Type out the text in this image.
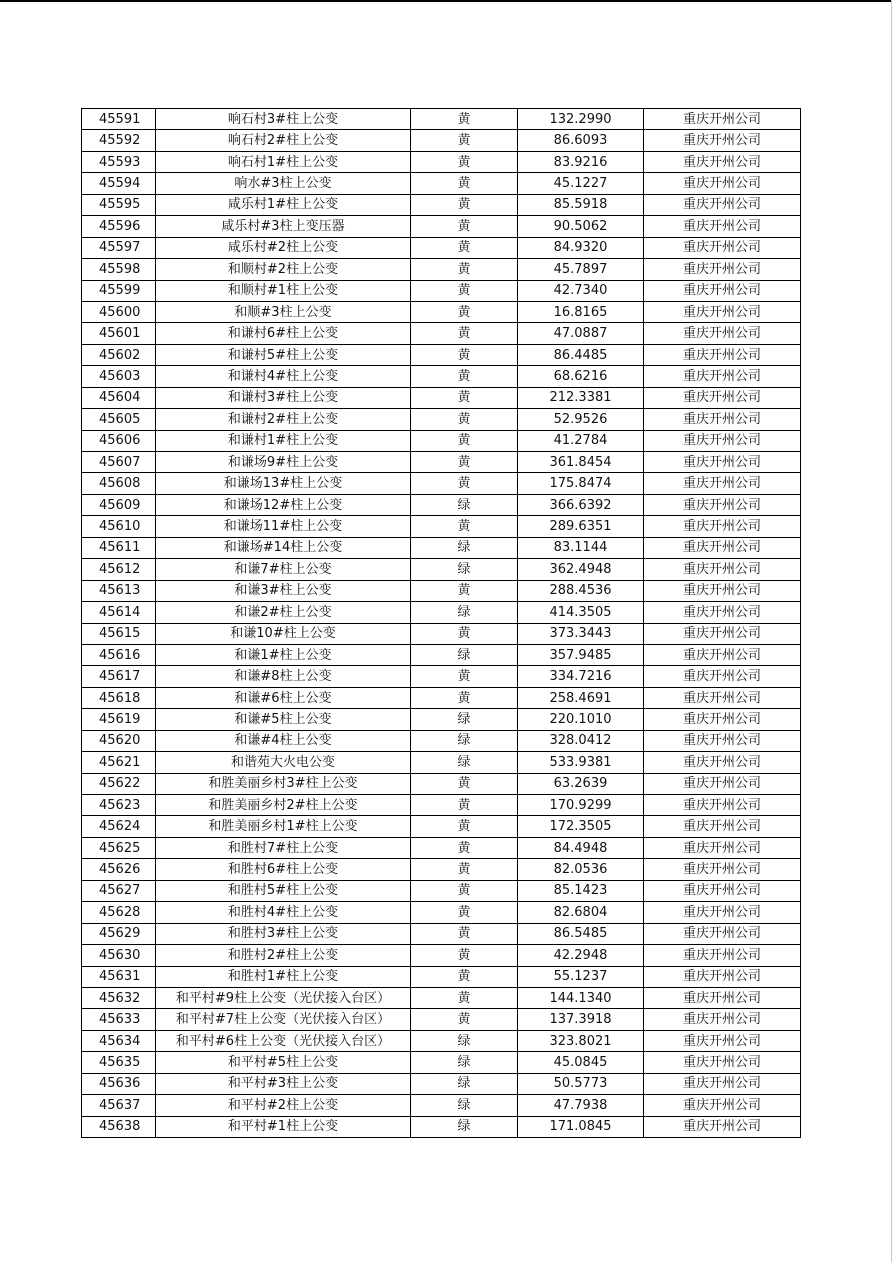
45591	响石村3#柱上公变	黄	132.2990	重庆开州公司
45592	响石村2#柱上公变	黄	86.6093	重庆开州公司
45593	响石村1#柱上公变	黄	83.9216	重庆开州公司
45594	响水#3柱上公变	黄	45.1227	重庆开州公司
45595	咸乐村1#柱上公变	黄	85.5918	重庆开州公司
45596	咸乐村#3柱上变压器	黄	90.5062	重庆开州公司
45597	咸乐村#2柱上公变	黄	84.9320	重庆开州公司
45598	和顺村#2柱上公变	黄	45.7897	重庆开州公司
45599	和顺村#1柱上公变	黄	42.7340	重庆开州公司
45600	和顺#3柱上公变	黄	16.8165	重庆开州公司
45601	和谦村6#柱上公变	黄	47.0887	重庆开州公司
45602	和谦村5#柱上公变	黄	86.4485	重庆开州公司
45603	和谦村4#柱上公变	黄	68.6216	重庆开州公司
45604	和谦村3#柱上公变	黄	212.3381	重庆开州公司
45605	和谦村2#柱上公变	黄	52.9526	重庆开州公司
45606	和谦村1#柱上公变	黄	41.2784	重庆开州公司
45607	和谦场9#柱上公变	黄	361.8454	重庆开州公司
45608	和谦场13#柱上公变	黄	175.8474	重庆开州公司
45609	和谦场12#柱上公变	绿	366.6392	重庆开州公司
45610	和谦场11#柱上公变	黄	289.6351	重庆开州公司
45611	和谦场#14柱上公变	绿	83.1144	重庆开州公司
45612	和谦7#柱上公变	绿	362.4948	重庆开州公司
45613	和谦3#柱上公变	黄	288.4536	重庆开州公司
45614	和谦2#柱上公变	绿	414.3505	重庆开州公司
45615	和谦10#柱上公变	黄	373.3443	重庆开州公司
45616	和谦1#柱上公变	绿	357.9485	重庆开州公司
45617	和谦#8柱上公变	黄	334.7216	重庆开州公司
45618	和谦#6柱上公变	黄	258.4691	重庆开州公司
45619	和谦#5柱上公变	绿	220.1010	重庆开州公司
45620	和谦#4柱上公变	绿	328.0412	重庆开州公司
45621	和谐苑大火电公变	绿	533.9381	重庆开州公司
45622	和胜美丽乡村3#柱上公变	黄	63.2639	重庆开州公司
45623	和胜美丽乡村2#柱上公变	黄	170.9299	重庆开州公司
45624	和胜美丽乡村1#柱上公变	黄	172.3505	重庆开州公司
45625	和胜村7#柱上公变	黄	84.4948	重庆开州公司
45626	和胜村6#柱上公变	黄	82.0536	重庆开州公司
45627	和胜村5#柱上公变	黄	85.1423	重庆开州公司
45628	和胜村4#柱上公变	黄	82.6804	重庆开州公司
45629	和胜村3#柱上公变	黄	86.5485	重庆开州公司
45630	和胜村2#柱上公变	黄	42.2948	重庆开州公司
45631	和胜村1#柱上公变	黄	55.1237	重庆开州公司
45632	和平村#9柱上公变（光伏接入台区）	黄	144.1340	重庆开州公司
45633	和平村#7柱上公变（光伏接入台区）	黄	137.3918	重庆开州公司
45634	和平村#6柱上公变（光伏接入台区）	绿	323.8021	重庆开州公司
45635	和平村#5柱上公变	绿	45.0845	重庆开州公司
45636	和平村#3柱上公变	绿	50.5773	重庆开州公司
45637	和平村#2柱上公变	绿	47.7938	重庆开州公司
45638	和平村#1柱上公变	绿	171.0845	重庆开州公司
